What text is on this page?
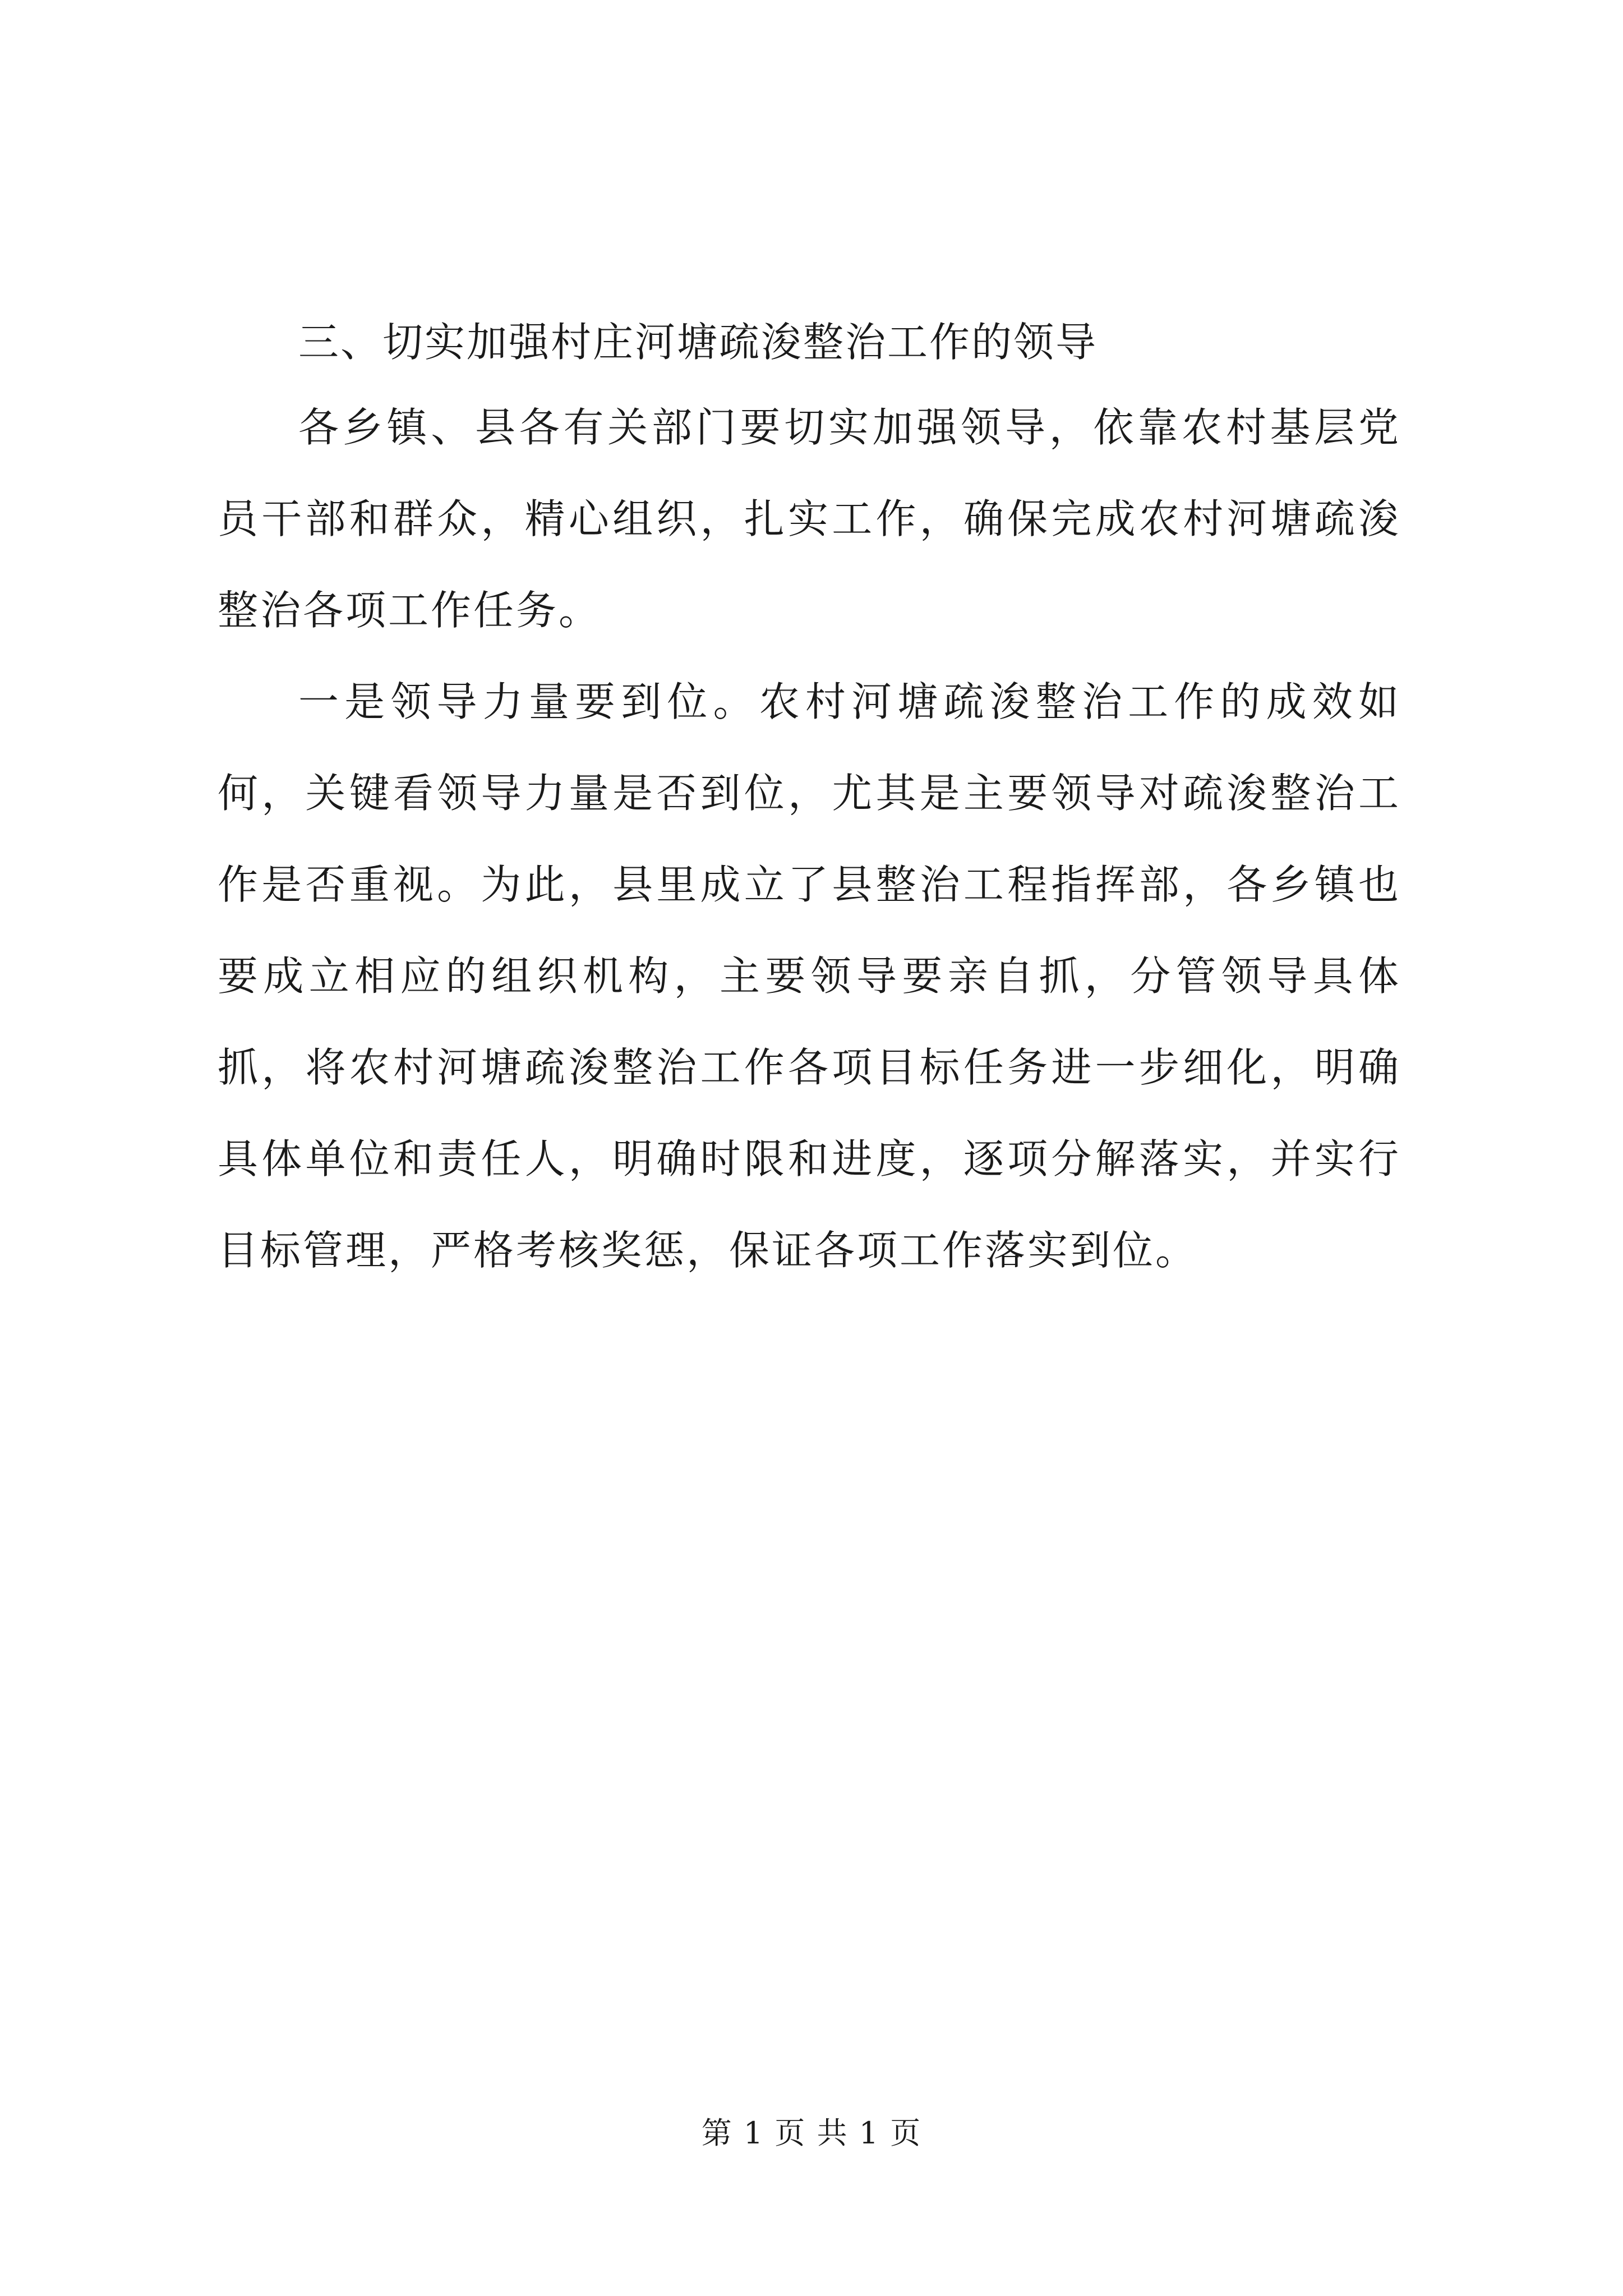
三、切实加强村庄河塘疏浚整治工作的领导

各乡镇、县各有关部门要切实加强领导，依靠农村基层党员干部和群众，精心组织，扎实工作，确保完成农村河塘疏浚整治各项工作任务。

一是领导力量要到位。农村河塘疏浚整治工作的成效如何，关键看领导力量是否到位，尤其是主要领导对疏浚整治工作是否重视。为此，县里成立了县整治工程指挥部，各乡镇也要成立相应的组织机构，主要领导要亲自抓，分管领导具体抓，将农村河塘疏浚整治工作各项目标任务进一步细化，明确具体单位和责任人，明确时限和进度，逐项分解落实，并实行目标管理，严格考核奖惩，保证各项工作落实到位。

第 1 页 共 1 页
